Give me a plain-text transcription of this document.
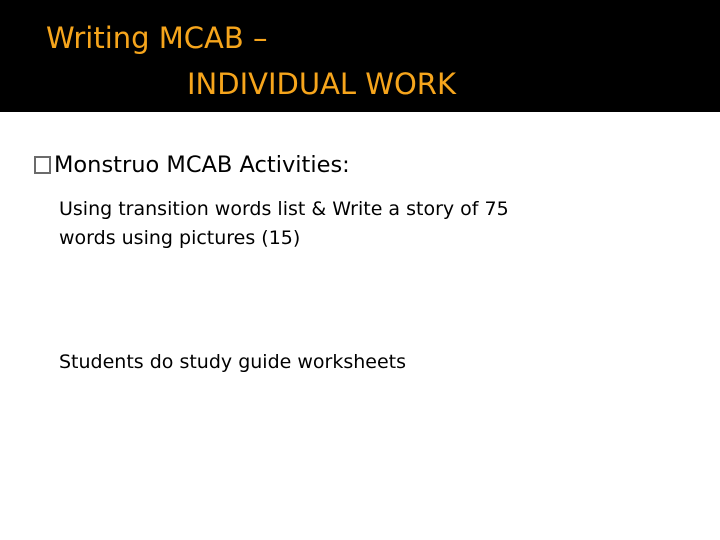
Writing MCAB –
INDIVIDUAL WORK
Monstruo MCAB Activities:
Using transition words list & Write a story of 75
words using pictures (15)
Students do study guide worksheets
